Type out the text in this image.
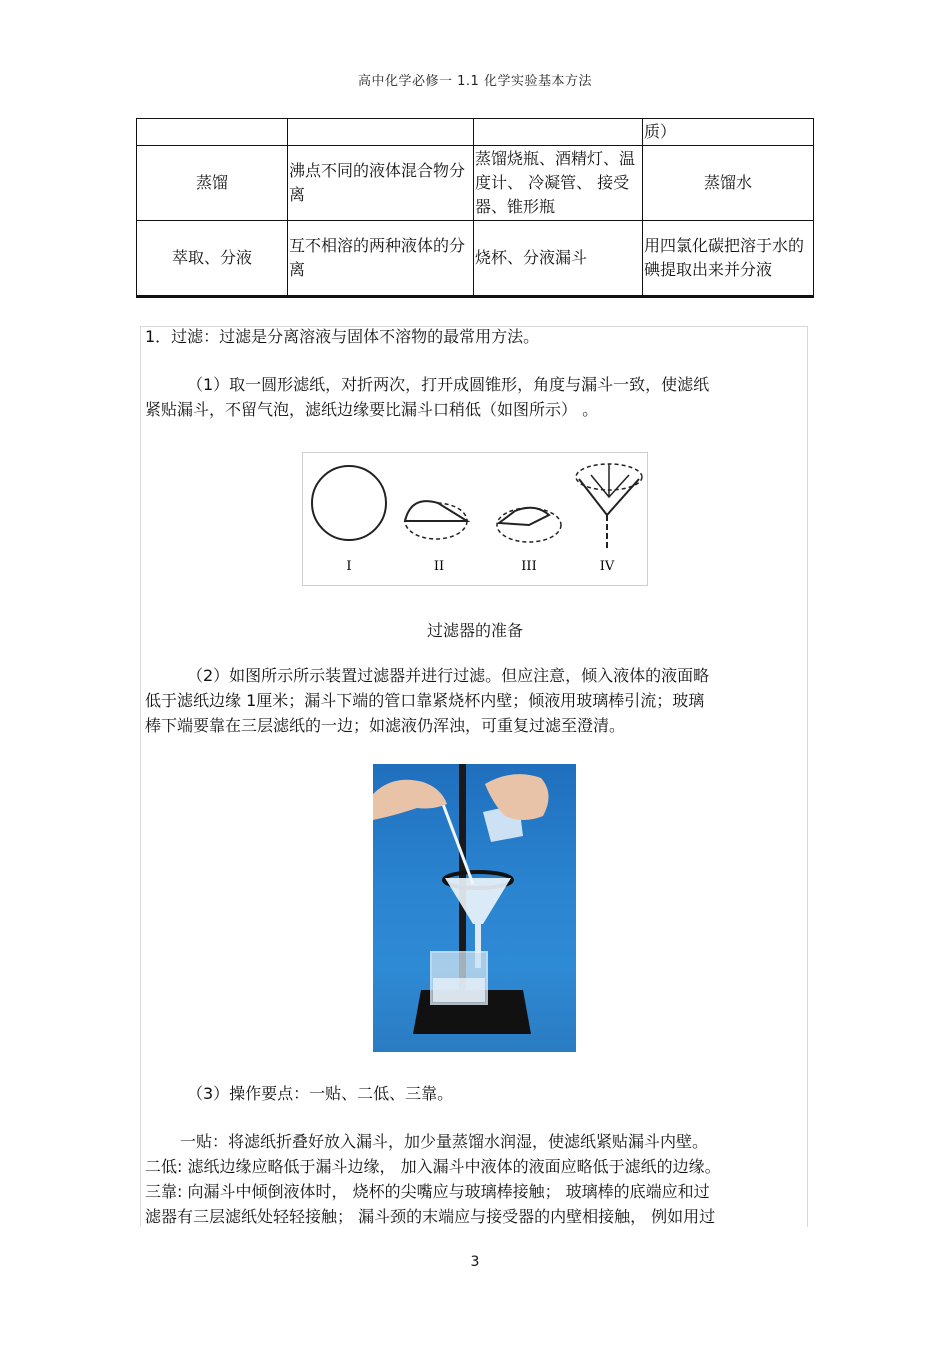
高中化学必修一 1.1 化学实验基本方法
			质）
蒸馏	沸点不同的液体混合物分离	蒸馏烧瓶、酒精灯、温度计、 冷凝管、 接受器、锥形瓶	蒸馏水
萃取、分液	互不相溶的两种液体的分离	烧杯、分液漏斗	用四氯化碳把溶于水的碘提取出来并分液
1．过滤：过滤是分离溶液与固体不溶物的最常用方法。
（1）取一圆形滤纸，对折两次，打开成圆锥形，角度与漏斗一致，使滤纸
紧贴漏斗，不留气泡，滤纸边缘要比漏斗口稍低（如图所示） 。
I	II	III	IV
过滤器的准备
（2）如图所示所示装置过滤器并进行过滤。但应注意，倾入液体的液面略
低于滤纸边缘 1厘米；漏斗下端的管口靠紧烧杯内壁；倾液用玻璃棒引流；玻璃
棒下端要靠在三层滤纸的一边；如滤液仍浑浊，可重复过滤至澄清。
（3）操作要点：一贴、二低、三靠。
一贴：将滤纸折叠好放入漏斗，加少量蒸馏水润湿，使滤纸紧贴漏斗内壁。
二低: 滤纸边缘应略低于漏斗边缘， 加入漏斗中液体的液面应略低于滤纸的边缘。
三靠: 向漏斗中倾倒液体时， 烧杯的尖嘴应与玻璃棒接触； 玻璃棒的底端应和过
滤器有三层滤纸处轻轻接触； 漏斗颈的末端应与接受器的内壁相接触， 例如用过
3
